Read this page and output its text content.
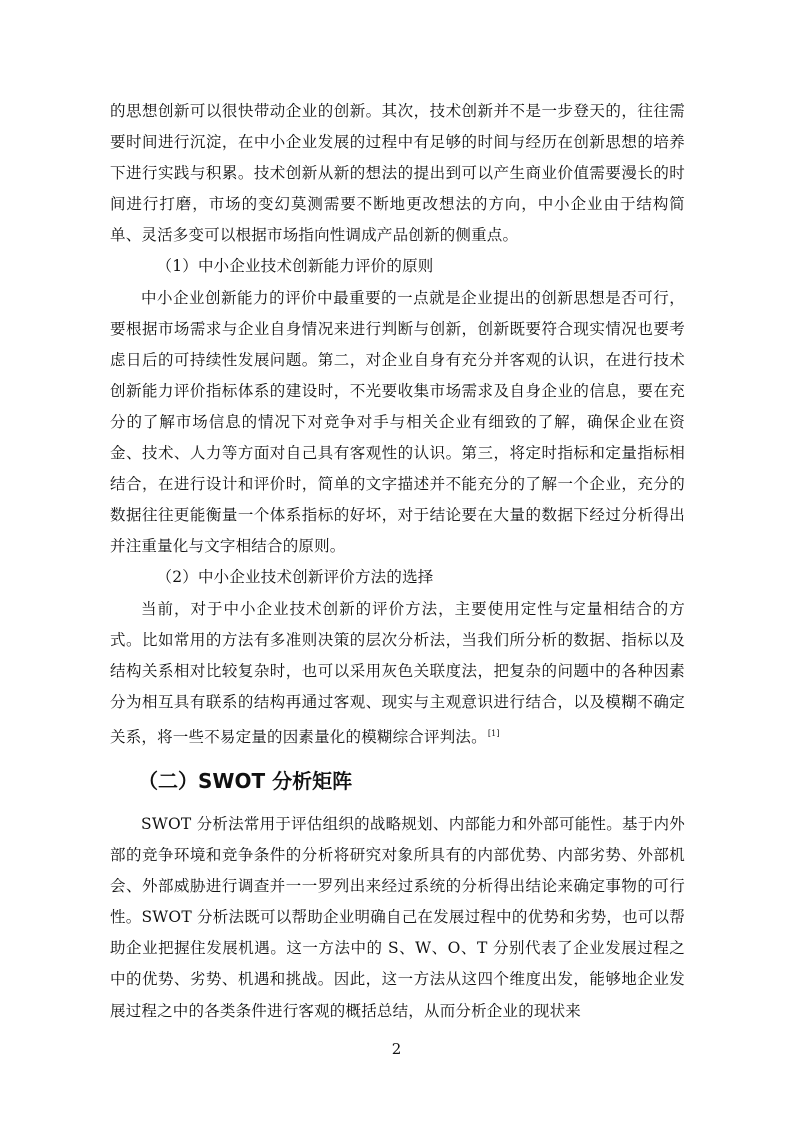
的思想创新可以很快带动企业的创新。其次，技术创新并不是一步登天的，往往需要时间进行沉淀，在中小企业发展的过程中有足够的时间与经历在创新思想的培养下进行实践与积累。技术创新从新的想法的提出到可以产生商业价值需要漫长的时间进行打磨，市场的变幻莫测需要不断地更改想法的方向，中小企业由于结构简单、灵活多变可以根据市场指向性调成产品创新的侧重点。

（1）中小企业技术创新能力评价的原则

中小企业创新能力的评价中最重要的一点就是企业提出的创新思想是否可行，要根据市场需求与企业自身情况来进行判断与创新，创新既要符合现实情况也要考虑日后的可持续性发展问题。第二，对企业自身有充分并客观的认识，在进行技术创新能力评价指标体系的建设时，不光要收集市场需求及自身企业的信息，要在充分的了解市场信息的情况下对竞争对手与相关企业有细致的了解，确保企业在资金、技术、人力等方面对自己具有客观性的认识。第三，将定时指标和定量指标相结合，在进行设计和评价时，简单的文字描述并不能充分的了解一个企业，充分的数据往往更能衡量一个体系指标的好坏，对于结论要在大量的数据下经过分析得出并注重量化与文字相结合的原则。

（2）中小企业技术创新评价方法的选择

当前，对于中小企业技术创新的评价方法，主要使用定性与定量相结合的方式。比如常用的方法有多准则决策的层次分析法，当我们所分析的数据、指标以及结构关系相对比较复杂时，也可以采用灰色关联度法，把复杂的问题中的各种因素分为相互具有联系的结构再通过客观、现实与主观意识进行结合，以及模糊不确定关系，将一些不易定量的因素量化的模糊综合评判法。[1]

（二）SWOT 分析矩阵

SWOT 分析法常用于评估组织的战略规划、内部能力和外部可能性。基于内外部的竞争环境和竞争条件的分析将研究对象所具有的内部优势、内部劣势、外部机会、外部威胁进行调查并一一罗列出来经过系统的分析得出结论来确定事物的可行性。SWOT 分析法既可以帮助企业明确自己在发展过程中的优势和劣势，也可以帮助企业把握住发展机遇。这一方法中的 S、W、O、T 分别代表了企业发展过程之中的优势、劣势、机遇和挑战。因此，这一方法从这四个维度出发，能够地企业发展过程之中的各类条件进行客观的概括总结，从而分析企业的现状来

2
